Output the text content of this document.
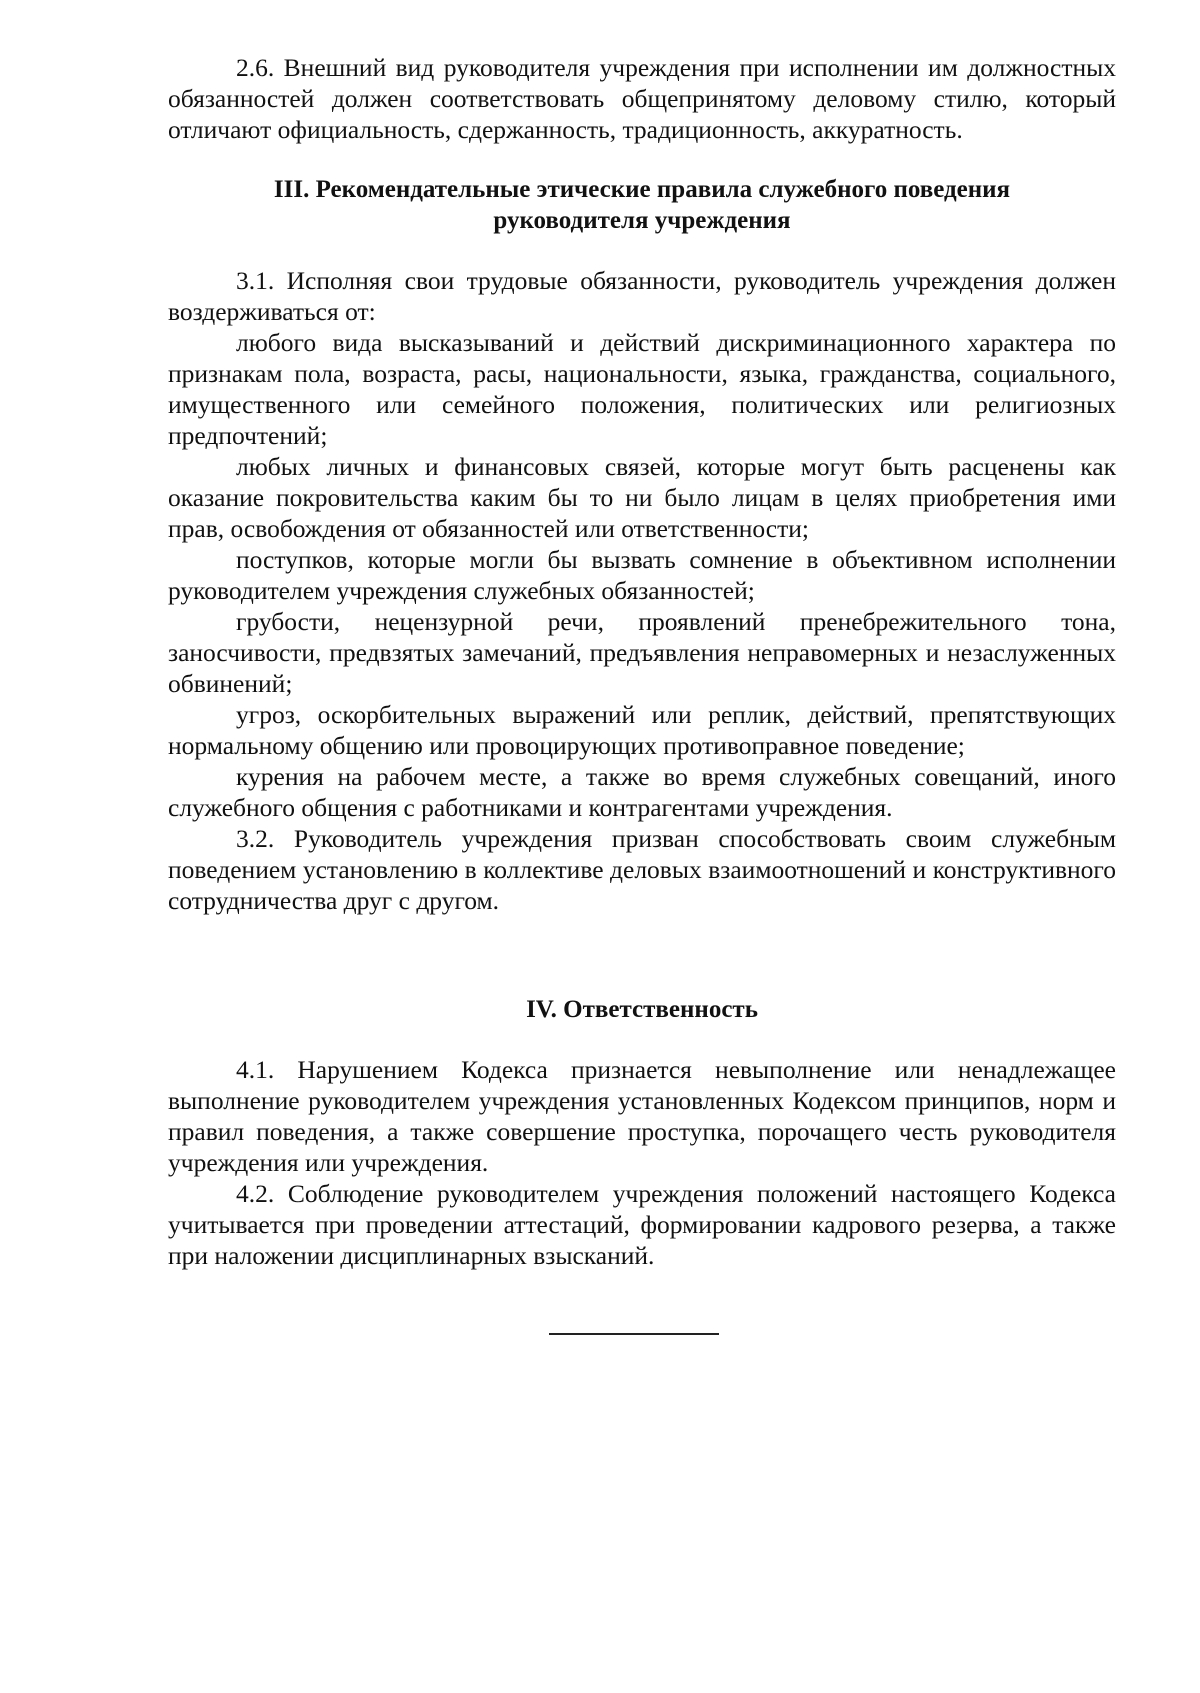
2.6. Внешний вид руководителя учреждения при исполнении им должностных обязанностей должен соответствовать общепринятому деловому стилю, который отличают официальность, сдержанность, традиционность, аккуратность.

III. Рекомендательные этические правила служебного поведения
руководителя учреждения

3.1. Исполняя свои трудовые обязанности, руководитель учреждения должен воздерживаться от:

любого вида высказываний и действий дискриминационного характера по признакам пола, возраста, расы, национальности, языка, гражданства, социального, имущественного или семейного положения, политических или религиозных предпочтений;

любых личных и финансовых связей, которые могут быть расценены как оказание покровительства каким бы то ни было лицам в целях приобретения ими прав, освобождения от обязанностей или ответственности;

поступков, которые могли бы вызвать сомнение в объективном исполнении руководителем учреждения служебных обязанностей;

грубости, нецензурной речи, проявлений пренебрежительного тона, заносчивости, предвзятых замечаний, предъявления неправомерных и незаслуженных обвинений;

угроз, оскорбительных выражений или реплик, действий, препятствующих нормальному общению или провоцирующих противоправное поведение;

курения на рабочем месте, а также во время служебных совещаний, иного служебного общения с работниками и контрагентами учреждения.

3.2. Руководитель учреждения призван способствовать своим служебным поведением установлению в коллективе деловых взаимоотношений и конструктивного сотрудничества друг с другом.

IV. Ответственность

4.1. Нарушением Кодекса признается невыполнение или ненадлежащее выполнение руководителем учреждения установленных Кодексом принципов, норм и правил поведения, а также совершение проступка, порочащего честь руководителя учреждения или учреждения.

4.2. Соблюдение руководителем учреждения положений настоящего Кодекса учитывается при проведении аттестаций, формировании кадрового резерва, а также при наложении дисциплинарных взысканий.
